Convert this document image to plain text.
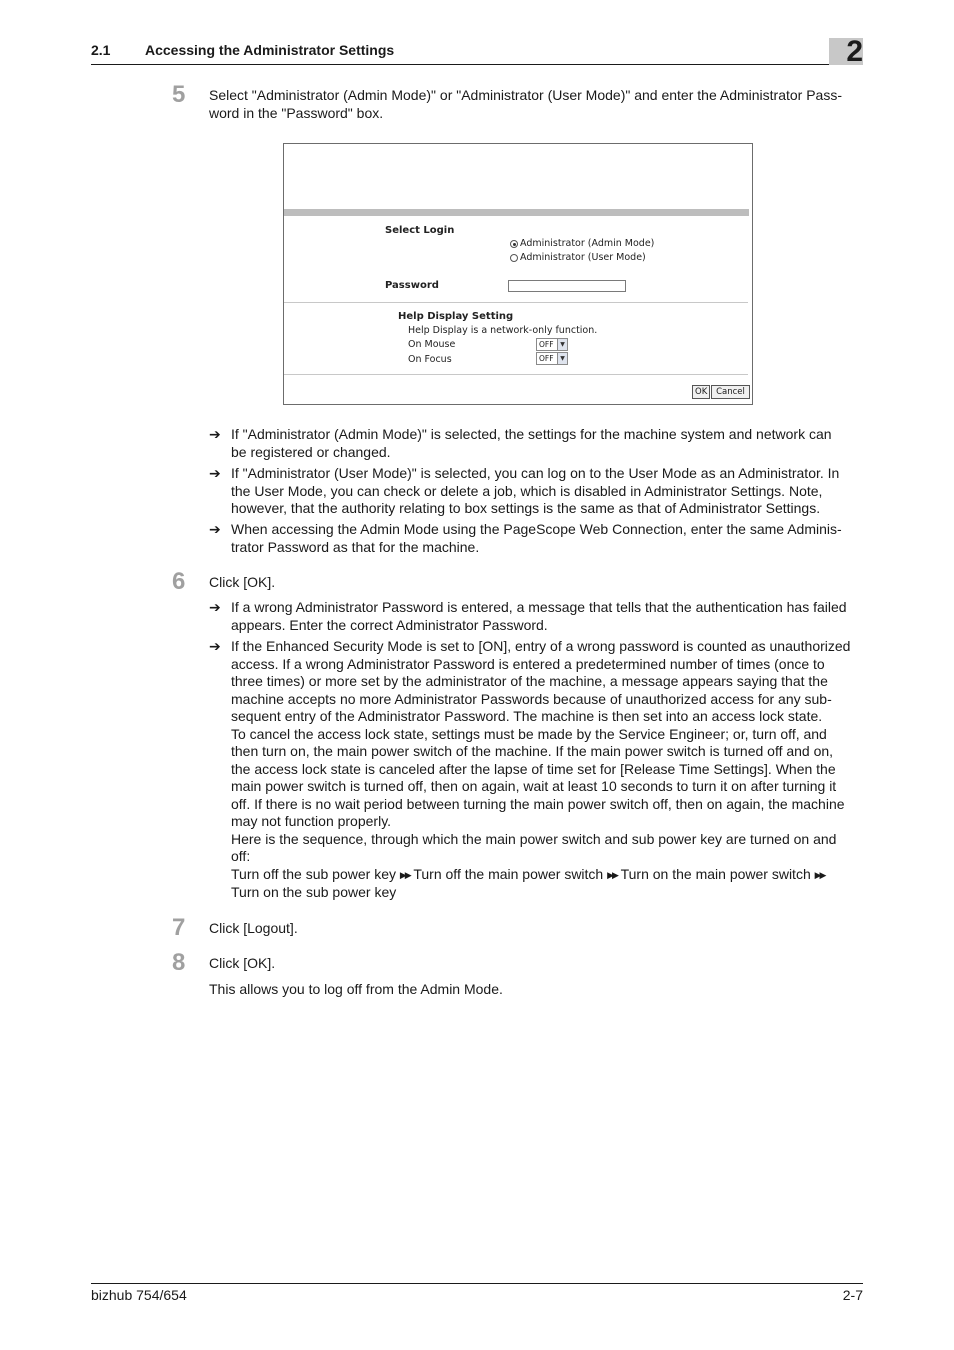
2.1 Accessing the Administrator Settings	2
5 Select "Administrator (Admin Mode)" or "Administrator (User Mode)" and enter the Administrator Pass-
word in the "Password" box.
Select Login
Administrator (Admin Mode)
Administrator (User Mode)
Password
Help Display Setting
Help Display is a network-only function.
On Mouse	OFF	▼
On Focus	OFF	▼
OK	Cancel
➔ If "Administrator (Admin Mode)" is selected, the settings for the machine system and network can
be registered or changed.
➔ If "Administrator (User Mode)" is selected, you can log on to the User Mode as an Administrator. In
the User Mode, you can check or delete a job, which is disabled in Administrator Settings. Note,
however, that the authority relating to box settings is the same as that of Administrator Settings.
➔ When accessing the Admin Mode using the PageScope Web Connection, enter the same Adminis-
trator Password as that for the machine.
6 Click [OK].
➔ If a wrong Administrator Password is entered, a message that tells that the authentication has failed
appears. Enter the correct Administrator Password.
➔ If the Enhanced Security Mode is set to [ON], entry of a wrong password is counted as unauthorized
access. If a wrong Administrator Password is entered a predetermined number of times (once to
three times) or more set by the administrator of the machine, a message appears saying that the
machine accepts no more Administrator Passwords because of unauthorized access for any sub-
sequent entry of the Administrator Password. The machine is then set into an access lock state.
To cancel the access lock state, settings must be made by the Service Engineer; or, turn off, and
then turn on, the main power switch of the machine. If the main power switch is turned off and on,
the access lock state is canceled after the lapse of time set for [Release Time Settings]. When the
main power switch is turned off, then on again, wait at least 10 seconds to turn it on after turning it
off. If there is no wait period between turning the main power switch off, then on again, the machine
may not function properly.
Here is the sequence, through which the main power switch and sub power key are turned on and
off:
Turn off the sub power key ▶▶ Turn off the main power switch ▶▶ Turn on the main power switch ▶▶
Turn on the sub power key
7 Click [Logout].
8 Click [OK].
This allows you to log off from the Admin Mode.
bizhub 754/654	2-7
